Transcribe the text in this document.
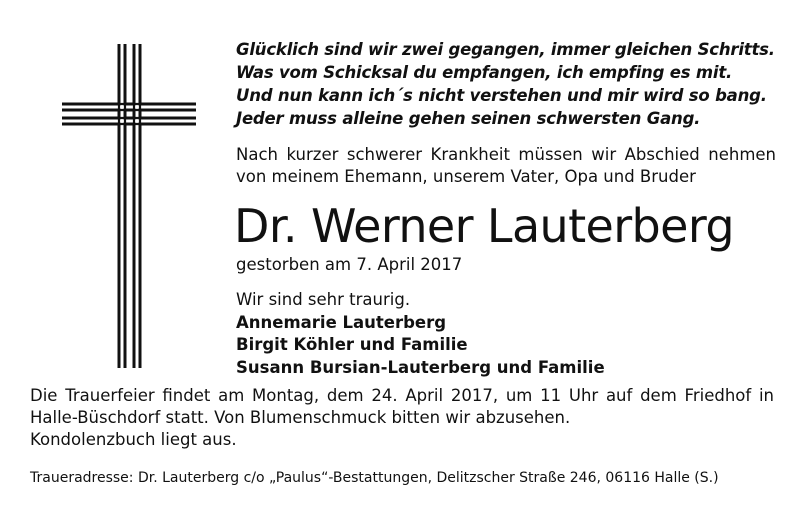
Glücklich sind wir zwei gegangen, immer gleichen Schritts.
Was vom Schicksal du empfangen, ich empfing es mit.
Und nun kann ich´s nicht verstehen und mir wird so bang.
Jeder muss alleine gehen seinen schwersten Gang.
Nach kurzer schwerer Krankheit müssen wir Abschied nehmen
von meinem Ehemann, unserem Vater, Opa und Bruder
Dr. Werner Lauterberg
gestorben am 7. April 2017
Wir sind sehr traurig.
Annemarie Lauterberg
Birgit Köhler und Familie
Susann Bursian-Lauterberg und Familie
Die Trauerfeier findet am Montag, dem 24. April 2017, um 11 Uhr auf dem Friedhof in
Halle-Büschdorf statt. Von Blumenschmuck bitten wir abzusehen.
Kondolenzbuch liegt aus.
Traueradresse: Dr. Lauterberg c/o „Paulus“-Bestattungen, Delitzscher Straße 246, 06116 Halle (S.)
